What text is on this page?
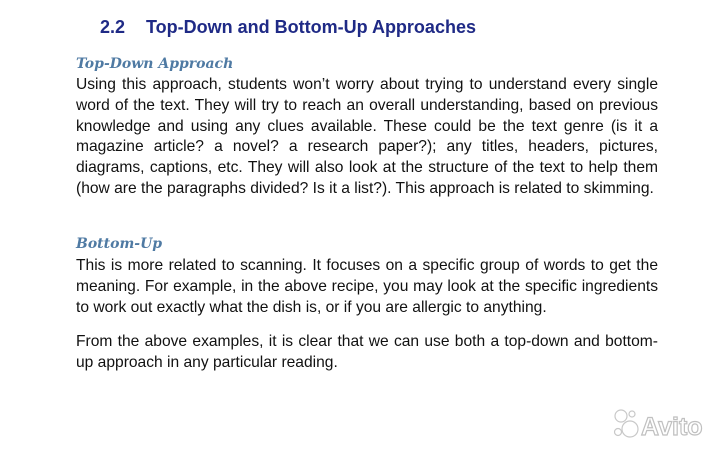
2.2 Top-Down and Bottom-Up Approaches
Top-Down Approach
Using this approach, students won’t worry about trying to understand every single word of the text. They will try to reach an overall understanding, based on previous knowledge and using any clues available. These could be the text genre (is it a magazine article? a novel? a research paper?); any titles, headers, pictures, diagrams, captions, etc. They will also look at the structure of the text to help them (how are the paragraphs divided? Is it a list?). This approach is related to skimming.
Bottom-Up
This is more related to scanning. It focuses on a specific group of words to get the meaning. For example, in the above recipe, you may look at the specific ingredients to work out exactly what the dish is, or if you are allergic to anything.
From the above examples, it is clear that we can use both a top-down and bottom-up approach in any particular reading.
Avito
